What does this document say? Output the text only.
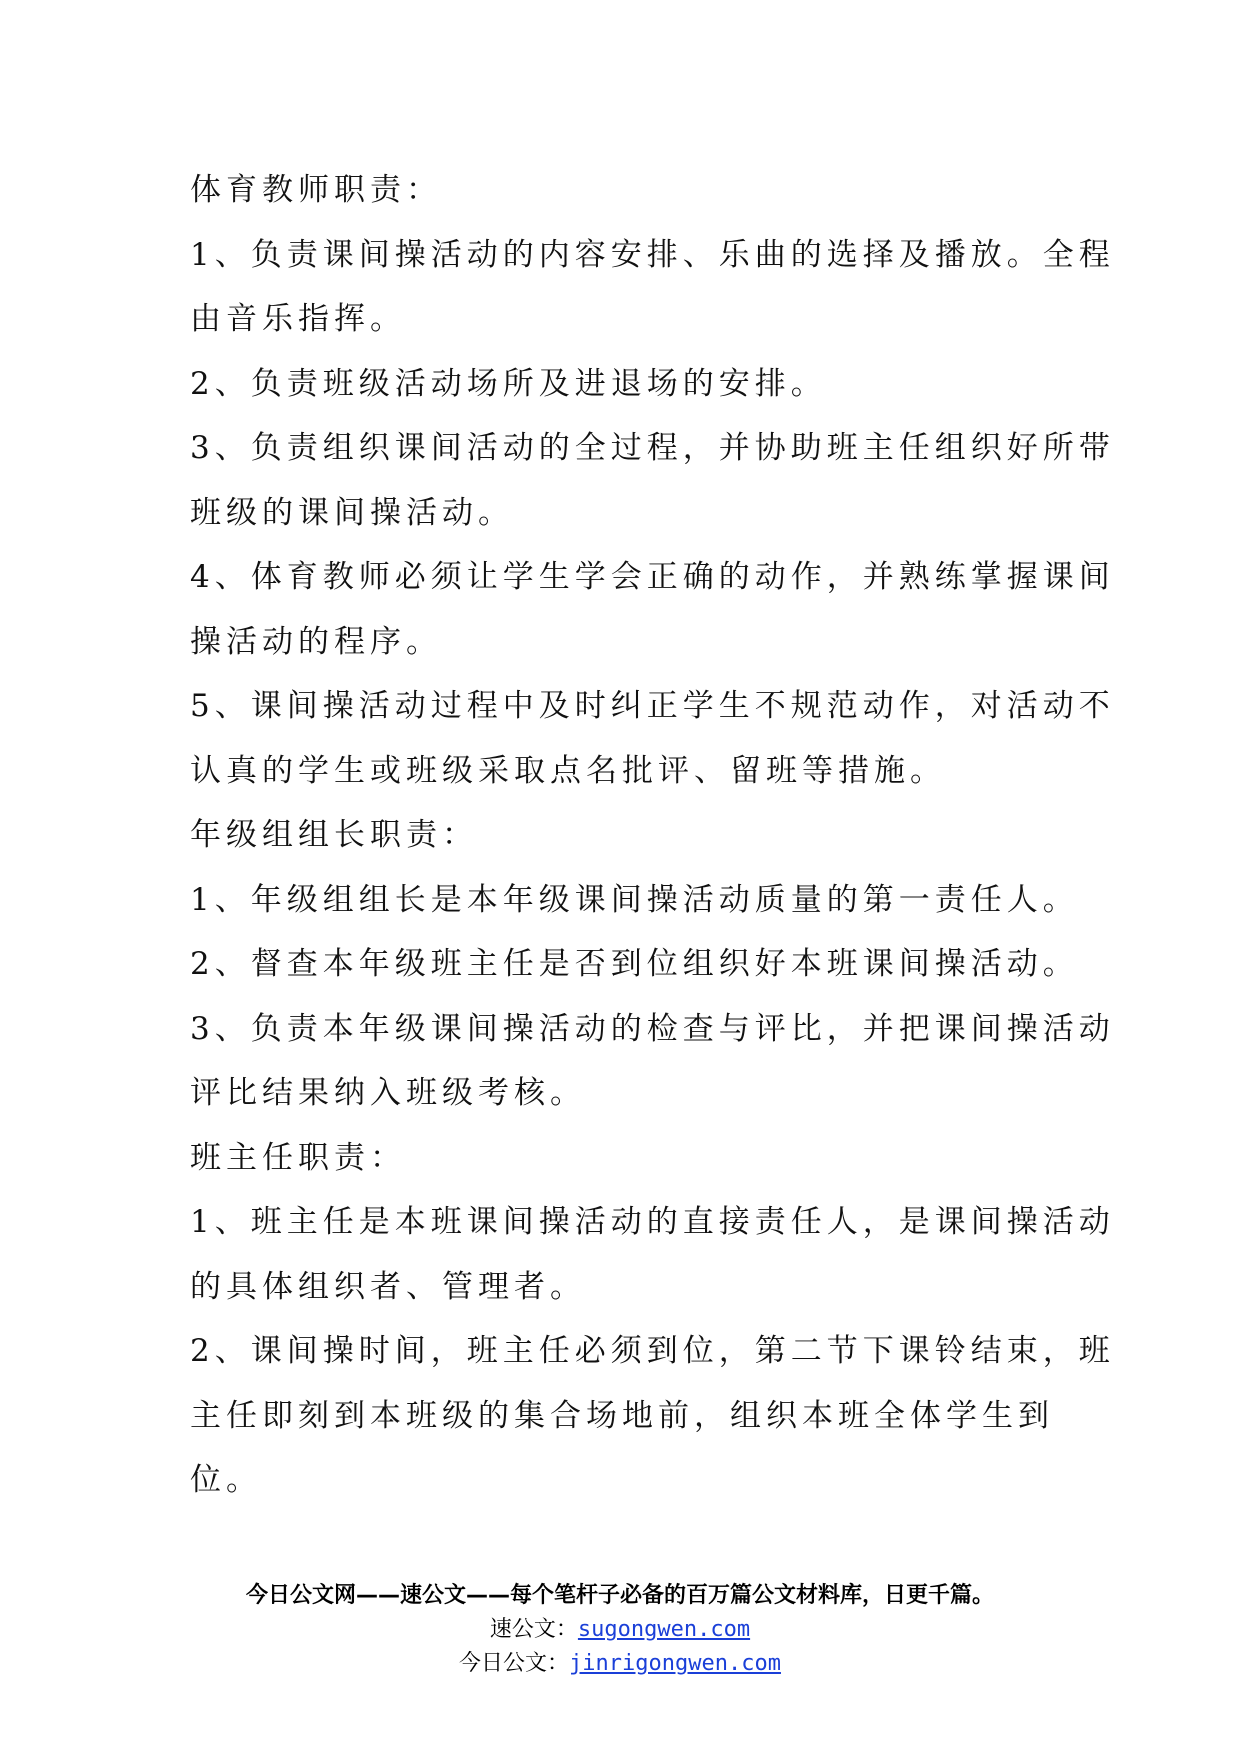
体育教师职责：

1、负责课间操活动的内容安排、乐曲的选择及播放。全程

由音乐指挥。

2、负责班级活动场所及进退场的安排。

3、负责组织课间活动的全过程，并协助班主任组织好所带

班级的课间操活动。

4、体育教师必须让学生学会正确的动作，并熟练掌握课间

操活动的程序。

5、课间操活动过程中及时纠正学生不规范动作，对活动不

认真的学生或班级采取点名批评、留班等措施。

年级组组长职责：

1、年级组组长是本年级课间操活动质量的第一责任人。

2、督查本年级班主任是否到位组织好本班课间操活动。

3、负责本年级课间操活动的检查与评比，并把课间操活动

评比结果纳入班级考核。

班主任职责：

1、班主任是本班课间操活动的直接责任人，是课间操活动

的具体组织者、管理者。

2、课间操时间，班主任必须到位，第二节下课铃结束，班

主任即刻到本班级的集合场地前，组织本班全体学生到

位。

今日公文网——速公文——每个笔杆子必备的百万篇公文材料库，日更千篇。

速公文：sugongwen.com

今日公文：jinrigongwen.com
